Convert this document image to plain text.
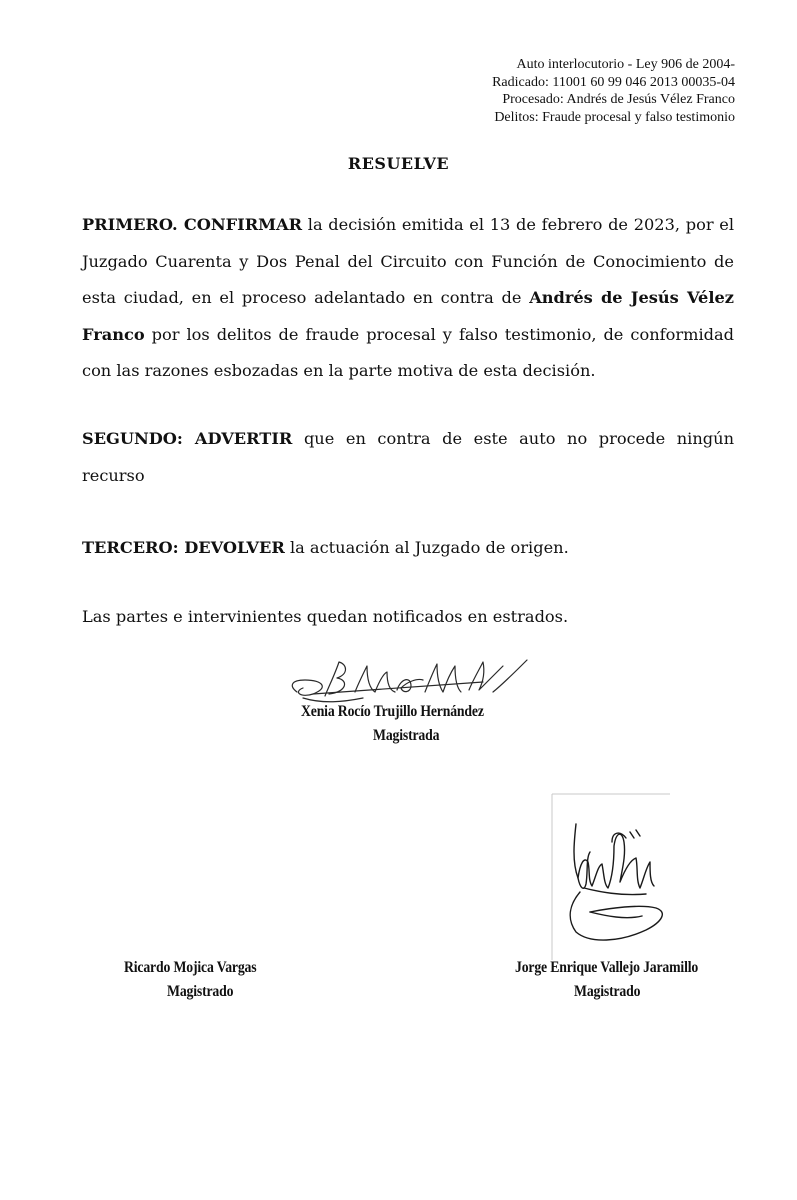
Auto interlocutorio - Ley 906 de 2004-
Radicado: 11001 60 99 046 2013 00035-04
Procesado: Andrés de Jesús Vélez Franco
Delitos: Fraude procesal y falso testimonio
RESUELVE
PRIMERO. CONFIRMAR la decisión emitida el 13 de febrero de 2023, por el Juzgado Cuarenta y Dos Penal del Circuito con Función de Conocimiento de esta ciudad, en el proceso adelantado en contra de Andrés de Jesús Vélez Franco por los delitos de fraude procesal y falso testimonio, de conformidad con las razones esbozadas en la parte motiva de esta decisión.
SEGUNDO: ADVERTIR que en contra de este auto no procede ningún recurso
TERCERO: DEVOLVER la actuación al Juzgado de origen.
Las partes e intervinientes quedan notificados en estrados.
Xenia Rocío Trujillo Hernández
Magistrada
Ricardo Mojica Vargas
Magistrado
Jorge Enrique Vallejo Jaramillo
Magistrado
